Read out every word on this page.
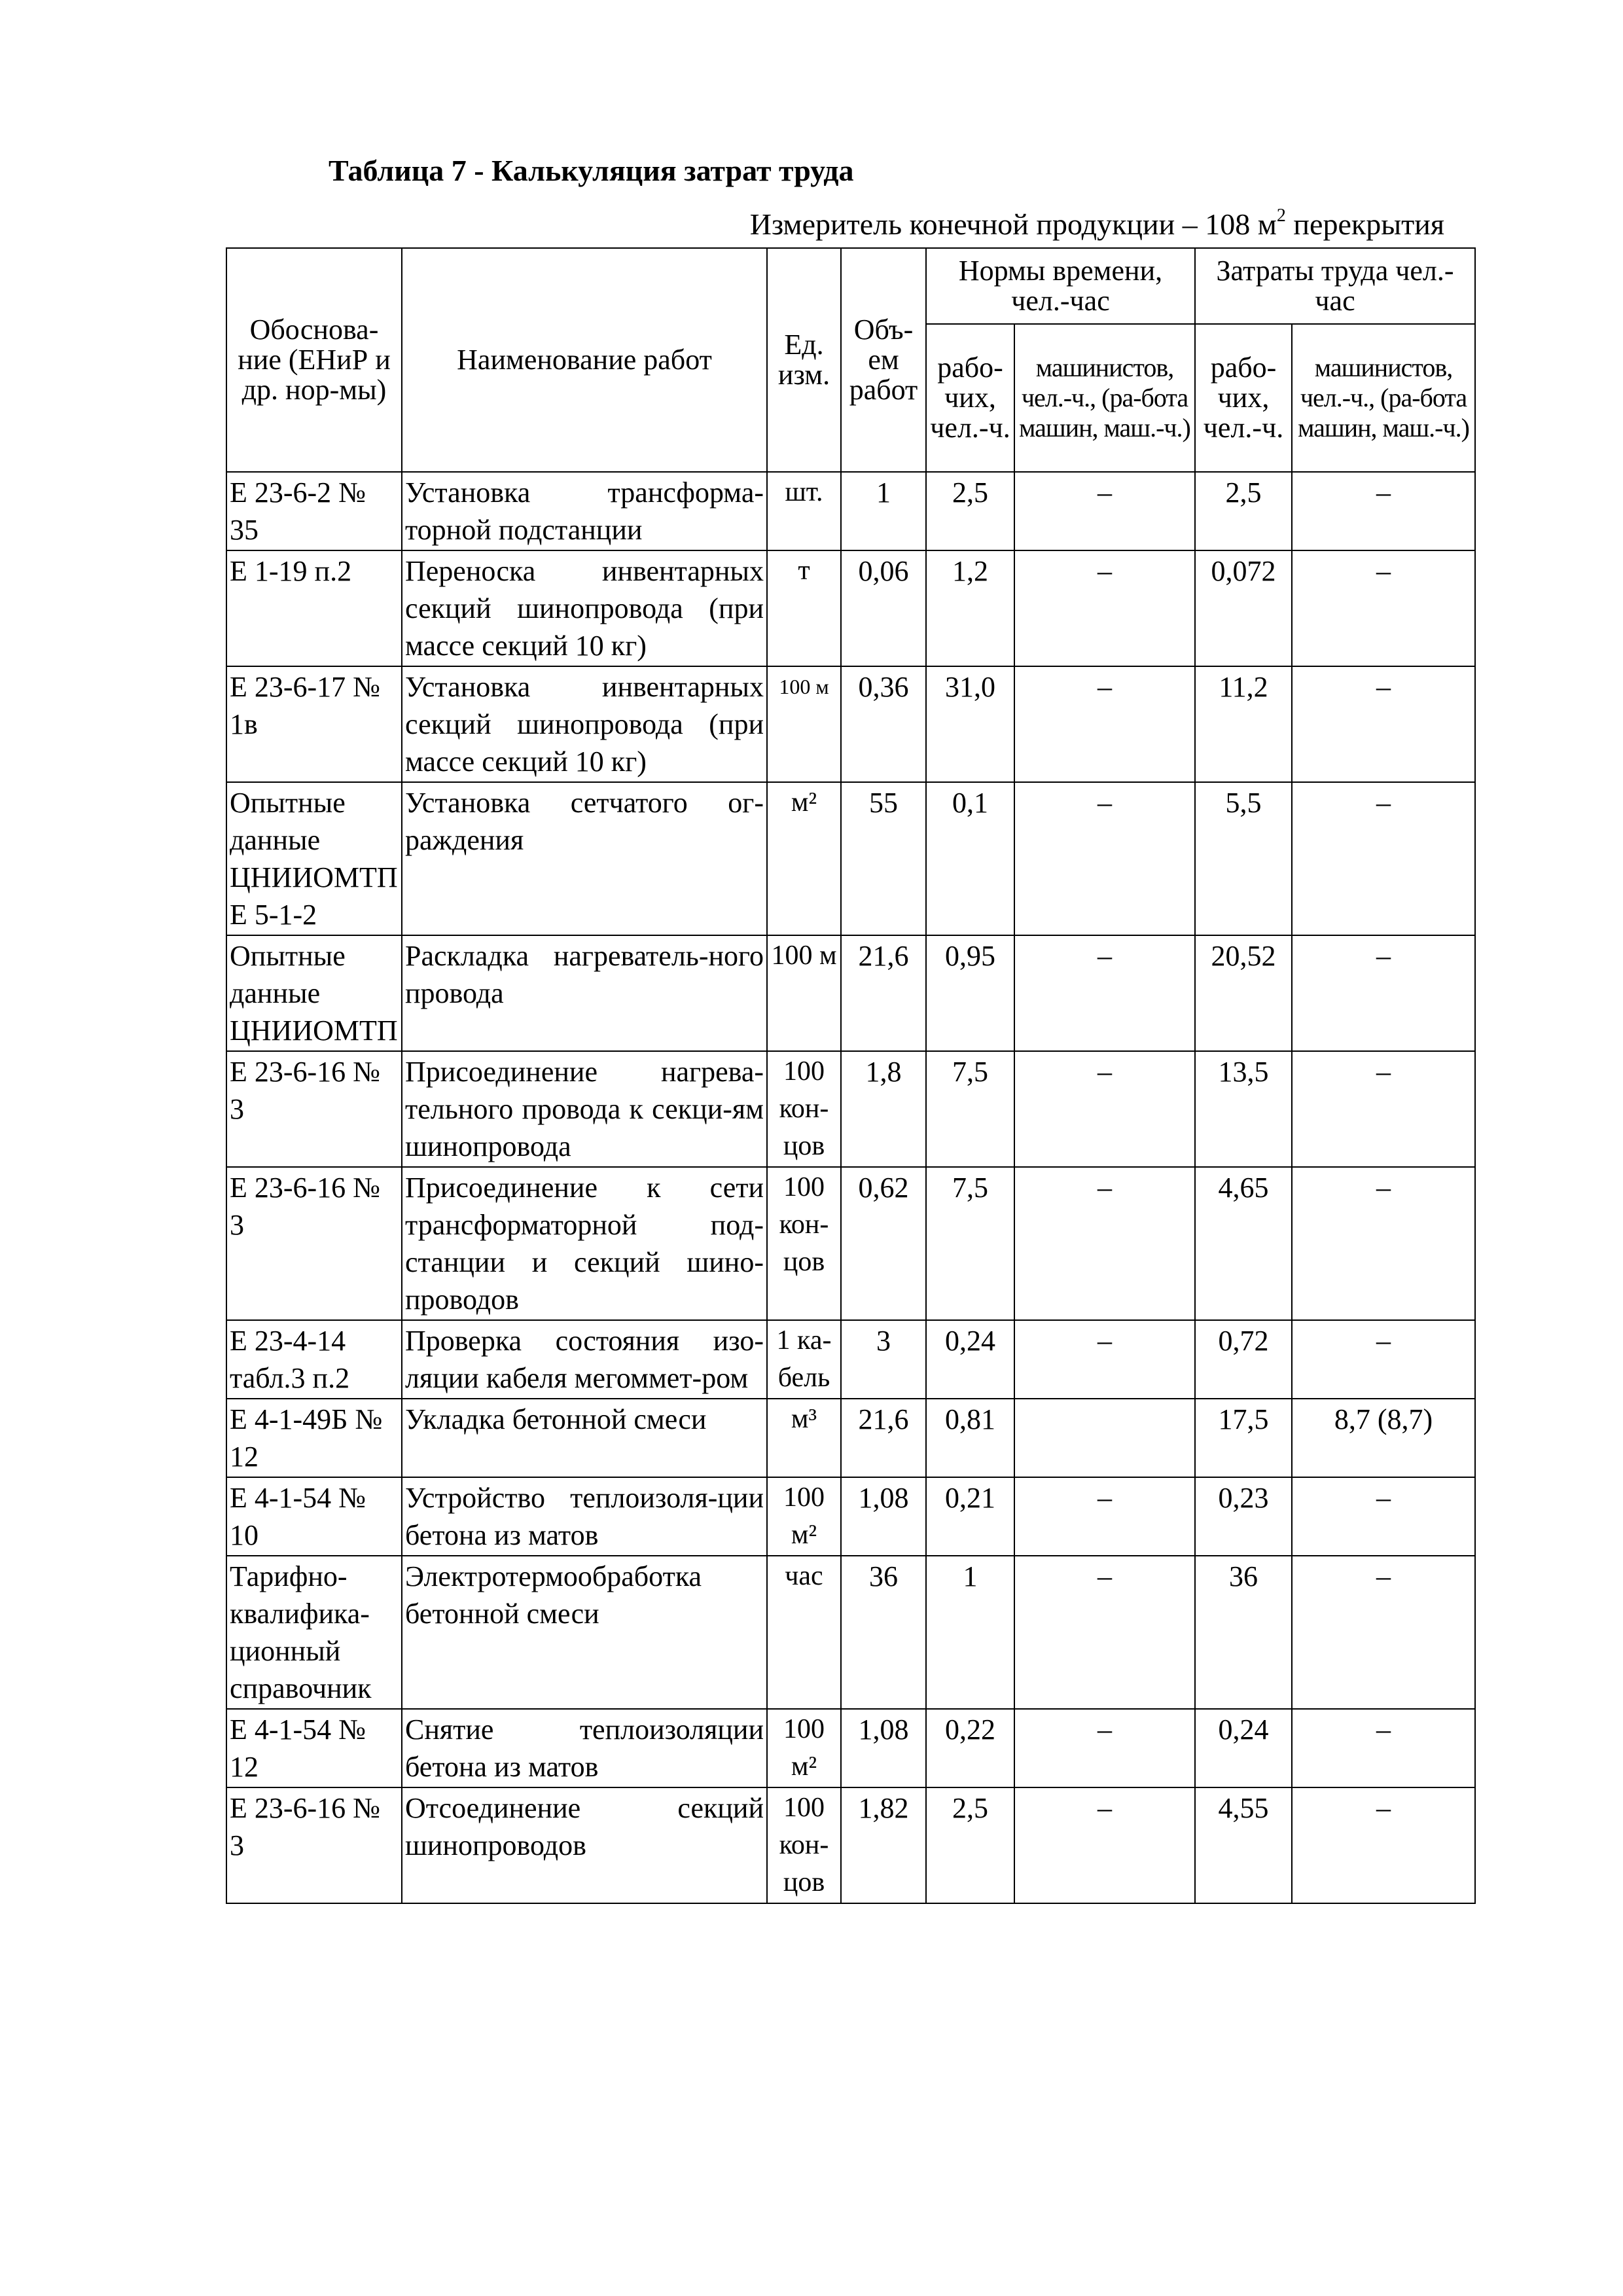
Таблица 7 - Калькуляция затрат труда
Измеритель конечной продукции – 108 $м^2$ перекрытия
Обоснова-ние (ЕНиР и др. нор-мы)	Наименование работ	Ед. изм.	Объ-ем работ	Нормы времени, чел.-час		Затраты труда чел.-час	
				рабо-чих, чел.-ч.	машинистов, чел.-ч., (ра-бота машин, маш.-ч.)	рабо-чих, чел.-ч.	машинистов, чел.-ч., (ра-бота машин, маш.-ч.)
Е 23-6-2 № 35	Установка трансформа-торной подстанции	шт.	1	2,5	–	2,5	–
Е 1-19 п.2	Переноска инвентарных секций шинопровода (при массе секций 10 кг)	т	0,06	1,2	–	0,072	–
Е 23-6-17 № 1в	Установка инвентарных секций шинопровода (при массе секций 10 кг)	100 м	0,36	31,0	–	11,2	–
Опытные данные ЦНИИОМТП Е 5-1-2	Установка сетчатого ог-раждения	м²	55	0,1	–	5,5	–
Опытные данные ЦНИИОМТП	Раскладка нагреватель-ного провода	100 м	21,6	0,95	–	20,52	–
Е 23-6-16 № 3	Присоединение нагрева-тельного провода к секци-ям шинопровода	100 кон-цов	1,8	7,5	–	13,5	–
Е 23-6-16 № 3	Присоединение к сети трансформаторной под-станции и секций шино-проводов	100 кон-цов	0,62	7,5	–	4,65	–
Е 23-4-14 табл.3 п.2	Проверка состояния изо-ляции кабеля мегоммет-ром	1 ка-бель	3	0,24	–	0,72	–
Е 4-1-49Б № 12	Укладка бетонной смеси	м³	21,6	0,81		17,5	8,7 (8,7)
Е 4-1-54 № 10	Устройство теплоизоля-ции бетона из матов	100 м²	1,08	0,21	–	0,23	–
Тарифно-квалифика-ционный справочник	Электротермообработка бетонной смеси	час	36	1	–	36	–
Е 4-1-54 № 12	Снятие теплоизоляции бетона из матов	100 м²	1,08	0,22	–	0,24	–
Е 23-6-16 № 3	Отсоединение секций шинопроводов	100 кон-цов	1,82	2,5	–	4,55	–
